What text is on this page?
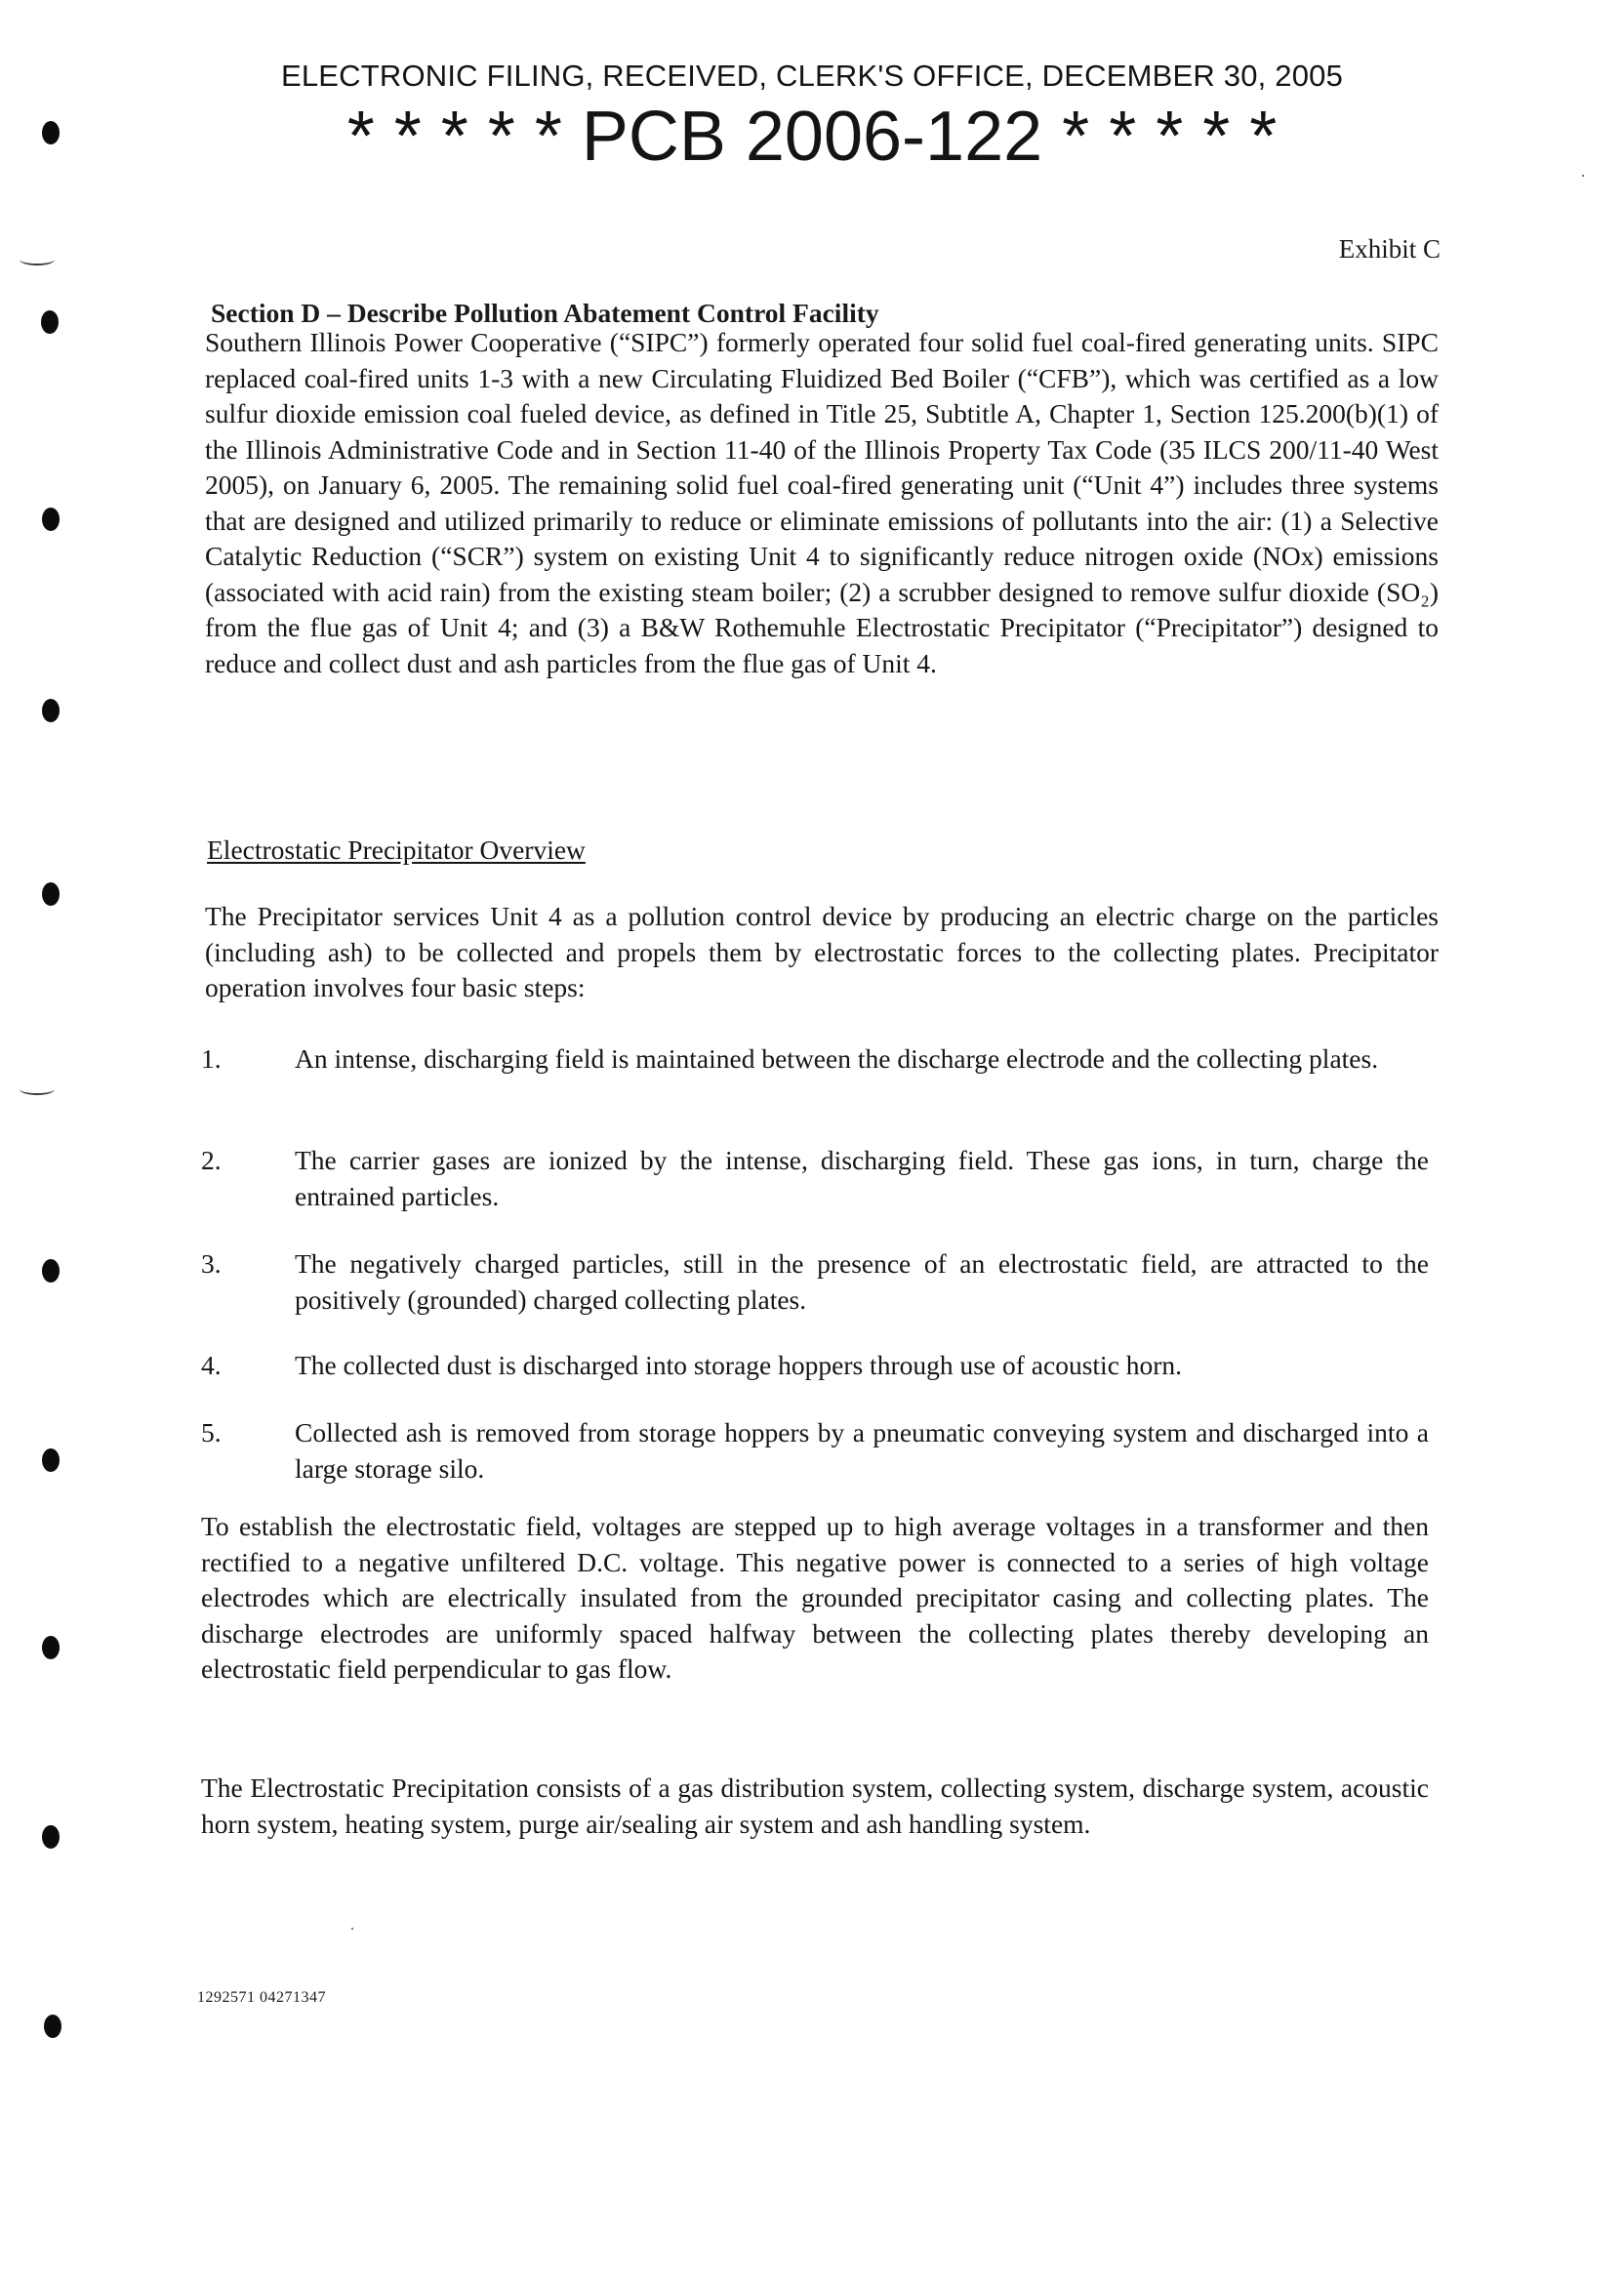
ELECTRONIC FILING, RECEIVED, CLERK'S OFFICE, DECEMBER 30, 2005
* * * * * PCB 2006-122 * * * * *
Exhibit C
Section D – Describe Pollution Abatement Control Facility
Southern Illinois Power Cooperative (“SIPC”) formerly operated four solid fuel coal-fired generating units. SIPC replaced coal-fired units 1-3 with a new Circulating Fluidized Bed Boiler (“CFB”), which was certified as a low sulfur dioxide emission coal fueled device, as defined in Title 25, Subtitle A, Chapter 1, Section 125.200(b)(1) of the Illinois Administrative Code and in Section 11-40 of the Illinois Property Tax Code (35 ILCS 200/11-40 West 2005), on January 6, 2005. The remaining solid fuel coal-fired generating unit (“Unit 4”) includes three systems that are designed and utilized primarily to reduce or eliminate emissions of pollutants into the air: (1) a Selective Catalytic Reduction (“SCR”) system on existing Unit 4 to significantly reduce nitrogen oxide (NOx) emissions (associated with acid rain) from the existing steam boiler; (2) a scrubber designed to remove sulfur dioxide (SO₂) from the flue gas of Unit 4; and (3) a B&W Rothemuhle Electrostatic Precipitator (“Precipitator”) designed to reduce and collect dust and ash particles from the flue gas of Unit 4.
Electrostatic Precipitator Overview
The Precipitator services Unit 4 as a pollution control device by producing an electric charge on the particles (including ash) to be collected and propels them by electrostatic forces to the collecting plates. Precipitator operation involves four basic steps:
1.	An intense, discharging field is maintained between the discharge electrode and the collecting plates.
2.	The carrier gases are ionized by the intense, discharging field. These gas ions, in turn, charge the entrained particles.
3.	The negatively charged particles, still in the presence of an electrostatic field, are attracted to the positively (grounded) charged collecting plates.
4.	The collected dust is discharged into storage hoppers through use of acoustic horn.
5.	Collected ash is removed from storage hoppers by a pneumatic conveying system and discharged into a large storage silo.
To establish the electrostatic field, voltages are stepped up to high average voltages in a transformer and then rectified to a negative unfiltered D.C. voltage. This negative power is connected to a series of high voltage electrodes which are electrically insulated from the grounded precipitator casing and collecting plates. The discharge electrodes are uniformly spaced halfway between the collecting plates thereby developing an electrostatic field perpendicular to gas flow.
The Electrostatic Precipitation consists of a gas distribution system, collecting system, discharge system, acoustic horn system, heating system, purge air/sealing air system and ash handling system.
1292571 04271347
